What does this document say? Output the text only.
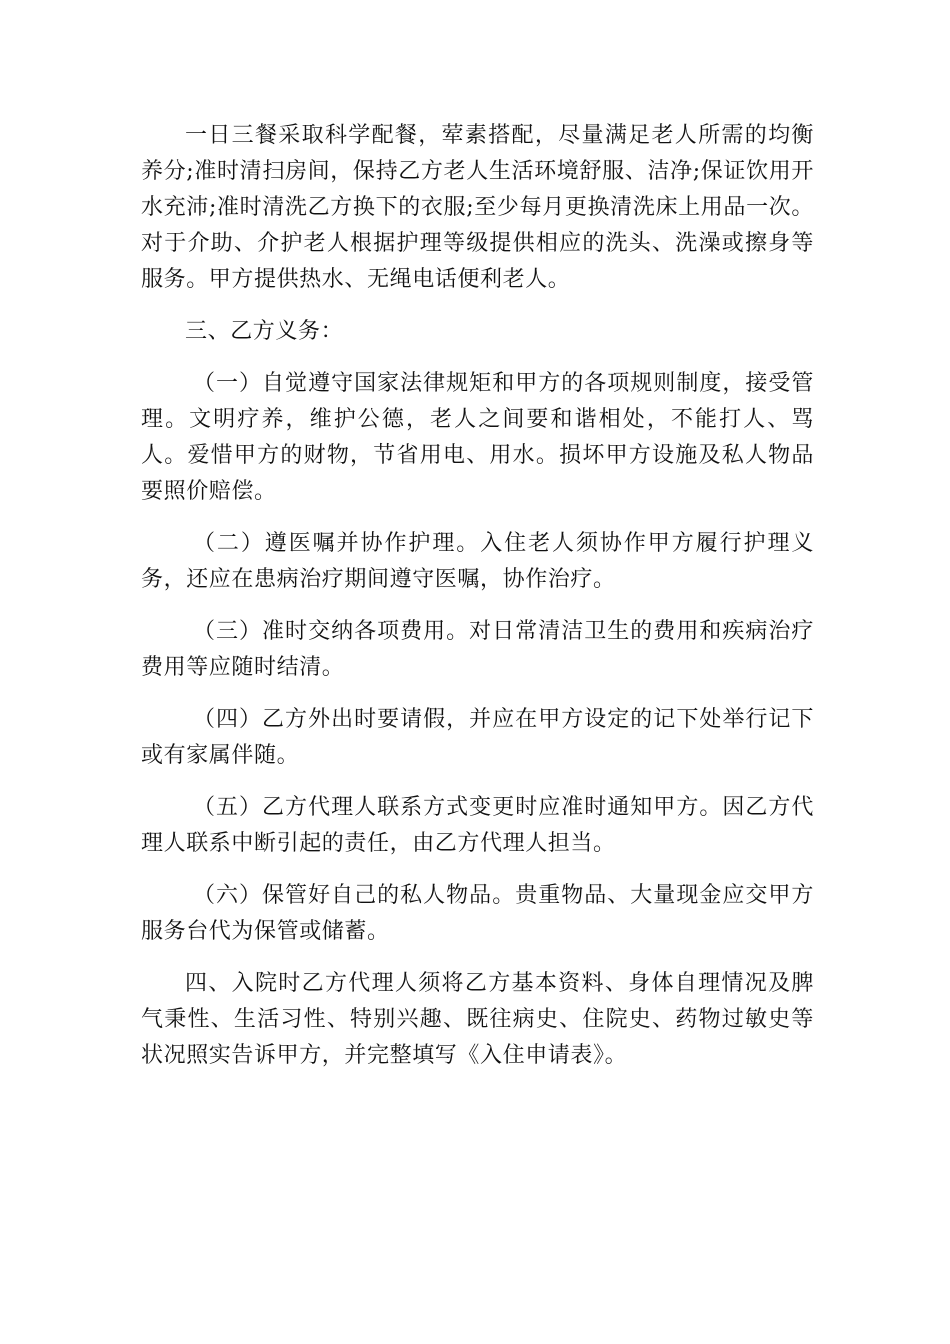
一日三餐采取科学配餐，荤素搭配，尽量满足老人所需的均衡养分;准时清扫房间，保持乙方老人生活环境舒服、洁净;保证饮用开水充沛;准时清洗乙方换下的衣服;至少每月更换清洗床上用品一次。对于介助、介护老人根据护理等级提供相应的洗头、洗澡或擦身等服务。甲方提供热水、无绳电话便利老人。

三、乙方义务：

（一）自觉遵守国家法律规矩和甲方的各项规则制度，接受管理。文明疗养，维护公德，老人之间要和谐相处，不能打人、骂人。爱惜甲方的财物，节省用电、用水。损坏甲方设施及私人物品要照价赔偿。

（二）遵医嘱并协作护理。入住老人须协作甲方履行护理义务，还应在患病治疗期间遵守医嘱，协作治疗。

（三）准时交纳各项费用。对日常清洁卫生的费用和疾病治疗费用等应随时结清。

（四）乙方外出时要请假，并应在甲方设定的记下处举行记下或有家属伴随。

（五）乙方代理人联系方式变更时应准时通知甲方。因乙方代理人联系中断引起的责任，由乙方代理人担当。

（六）保管好自己的私人物品。贵重物品、大量现金应交甲方服务台代为保管或储蓄。

四、入院时乙方代理人须将乙方基本资料、身体自理情况及脾气秉性、生活习性、特别兴趣、既往病史、住院史、药物过敏史等状况照实告诉甲方，并完整填写《入住申请表》。
